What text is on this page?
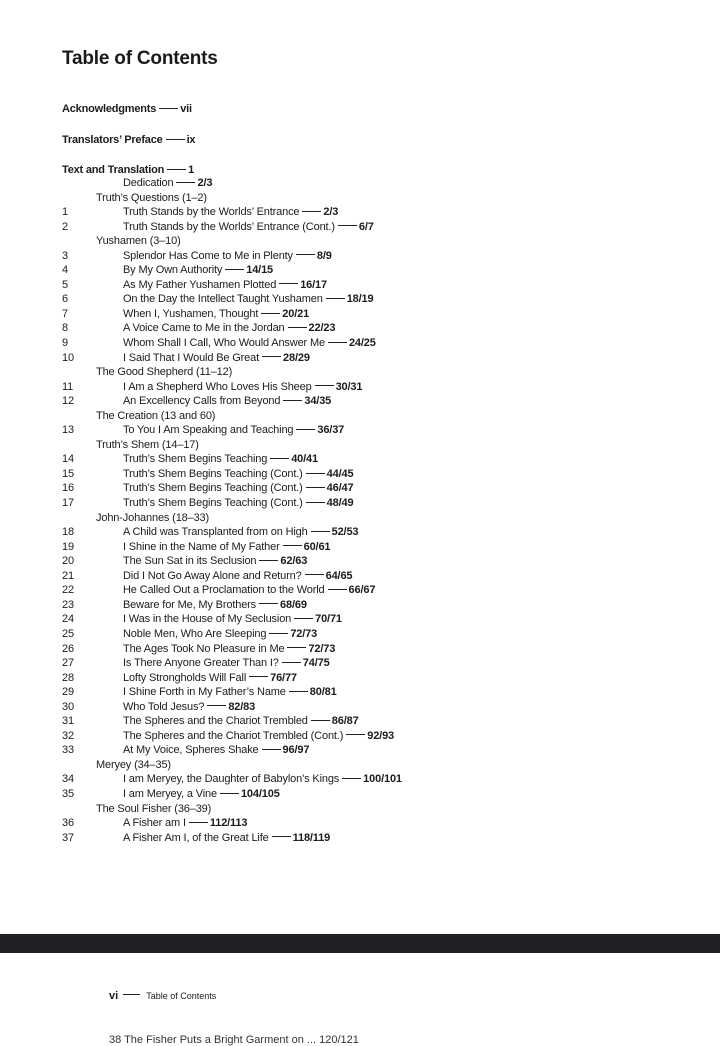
Table of Contents
Acknowledgments vii
Translators’ Preface ix
Text and Translation 1
Dedication 2/3
Truth’s Questions (1–2)
1	Truth Stands by the Worlds’ Entrance 2/3
2	Truth Stands by the Worlds’ Entrance (Cont.) 6/7
Yushamen (3–10)
3	Splendor Has Come to Me in Plenty 8/9
4	By My Own Authority 14/15
5	As My Father Yushamen Plotted 16/17
6	On the Day the Intellect Taught Yushamen 18/19
7	When I, Yushamen, Thought 20/21
8	A Voice Came to Me in the Jordan 22/23
9	Whom Shall I Call, Who Would Answer Me 24/25
10	I Said That I Would Be Great 28/29
The Good Shepherd (11–12)
11	I Am a Shepherd Who Loves His Sheep 30/31
12	An Excellency Calls from Beyond 34/35
The Creation (13 and 60)
13	To You I Am Speaking and Teaching 36/37
Truth’s Shem (14–17)
14	Truth’s Shem Begins Teaching 40/41
15	Truth’s Shem Begins Teaching (Cont.) 44/45
16	Truth’s Shem Begins Teaching (Cont.) 46/47
17	Truth’s Shem Begins Teaching (Cont.) 48/49
John-Johannes (18–33)
18	A Child was Transplanted from on High 52/53
19	I Shine in the Name of My Father 60/61
20	The Sun Sat in its Seclusion 62/63
21	Did I Not Go Away Alone and Return? 64/65
22	He Called Out a Proclamation to the World 66/67
23	Beware for Me, My Brothers 68/69
24	I Was in the House of My Seclusion 70/71
25	Noble Men, Who Are Sleeping 72/73
26	The Ages Took No Pleasure in Me 72/73
27	Is There Anyone Greater Than I? 74/75
28	Lofty Strongholds Will Fall 76/77
29	I Shine Forth in My Father’s Name 80/81
30	Who Told Jesus? 82/83
31	The Spheres and the Chariot Trembled 86/87
32	The Spheres and the Chariot Trembled (Cont.) 92/93
33	At My Voice, Spheres Shake 96/97
Meryey (34–35)
34	I am Meryey, the Daughter of Babylon’s Kings 100/101
35	I am Meryey, a Vine 104/105
The Soul Fisher (36–39)
36	A Fisher am I 112/113
37	A Fisher Am I, of the Great Life 118/119
vi	Table of Contents
38 The Fisher Puts a Bright Garment on ... 120/121
